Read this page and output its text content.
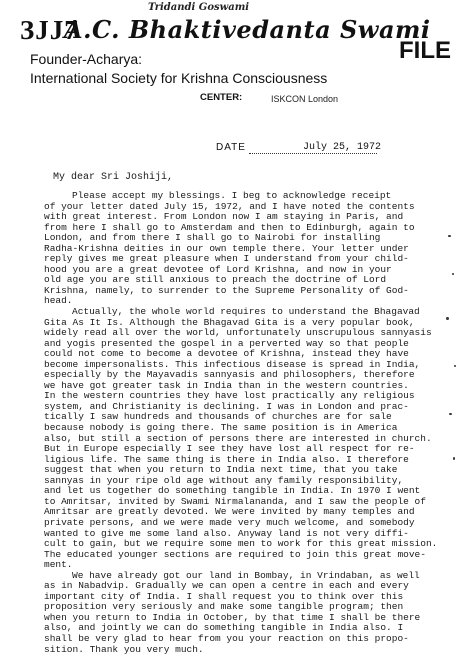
Tridandi Goswami
ЗЈЈ7
A.C. Bhaktivedanta Swami
FILE
Founder-Acharya:
International Society for Krishna Consciousness
CENTER:	ISKCON London
DATE	July 25, 1972
My dear Sri Joshiji,
Please accept my blessings. I beg to acknowledge receipt
of your letter dated July 15, 1972, and I have noted the contents
with great interest. From London now I am staying in Paris, and
from here I shall go to Amsterdam and then to Edinburgh, again to
London, and from there I shall go to Nairobi for installing
Radha-Krishna deities in our own temple there. Your letter under
reply gives me great pleasure when I understand from your child-
hood you are a great devotee of Lord Krishna, and now in your
old age you are still anxious to preach the doctrine of Lord
Krishna, namely, to surrender to the Supreme Personality of God-
head.
Actually, the whole world requires to understand the Bhagavad
Gita As It Is. Although the Bhagavad Gita is a very popular book,
widely read all over the world, unfortunately unscrupulous sannyasis
and yogis presented the gospel in a perverted way so that people
could not come to become a devotee of Krishna, instead they have
become impersonalists. This infectious disease is spread in India,
especially by the Mayavadis sannyasis and philosophers, therefore
we have got greater task in India than in the western countries.
In the western countries they have lost practically any religious
system, and Christianity is declining. I was in London and prac-
tically I saw hundreds and thousands of churches are for sale
because nobody is going there. The same position is in America
also, but still a section of persons there are interested in church.
But in Europe especially I see they have lost all respect for re-
ligious life. The same thing is there in India also. I therefore
suggest that when you return to India next time, that you take
sannyas in your ripe old age without any family responsibility,
and let us together do something tangible in India. In 1970 I went
to Amritsar, invited by Swami Nirmalananda, and I saw the people of
Amritsar are greatly devoted. We were invited by many temples and
private persons, and we were made very much welcome, and somebody
wanted to give me some land also. Anyway land is not very diffi-
cult to gain, but we require some men to work for this great mission.
The educated younger sections are required to join this great move-
ment.
We have already got our land in Bombay, in Vrindaban, as well
as in Nabadvip. Gradually we can open a centre in each and every
important city of India. I shall request you to think over this
proposition very seriously and make some tangible program; then
when you return to India in October, by that time I shall be there
also, and jointly we can do something tangible in India also. I
shall be very glad to hear from you your reaction on this propo-
sition. Thank you very much.
